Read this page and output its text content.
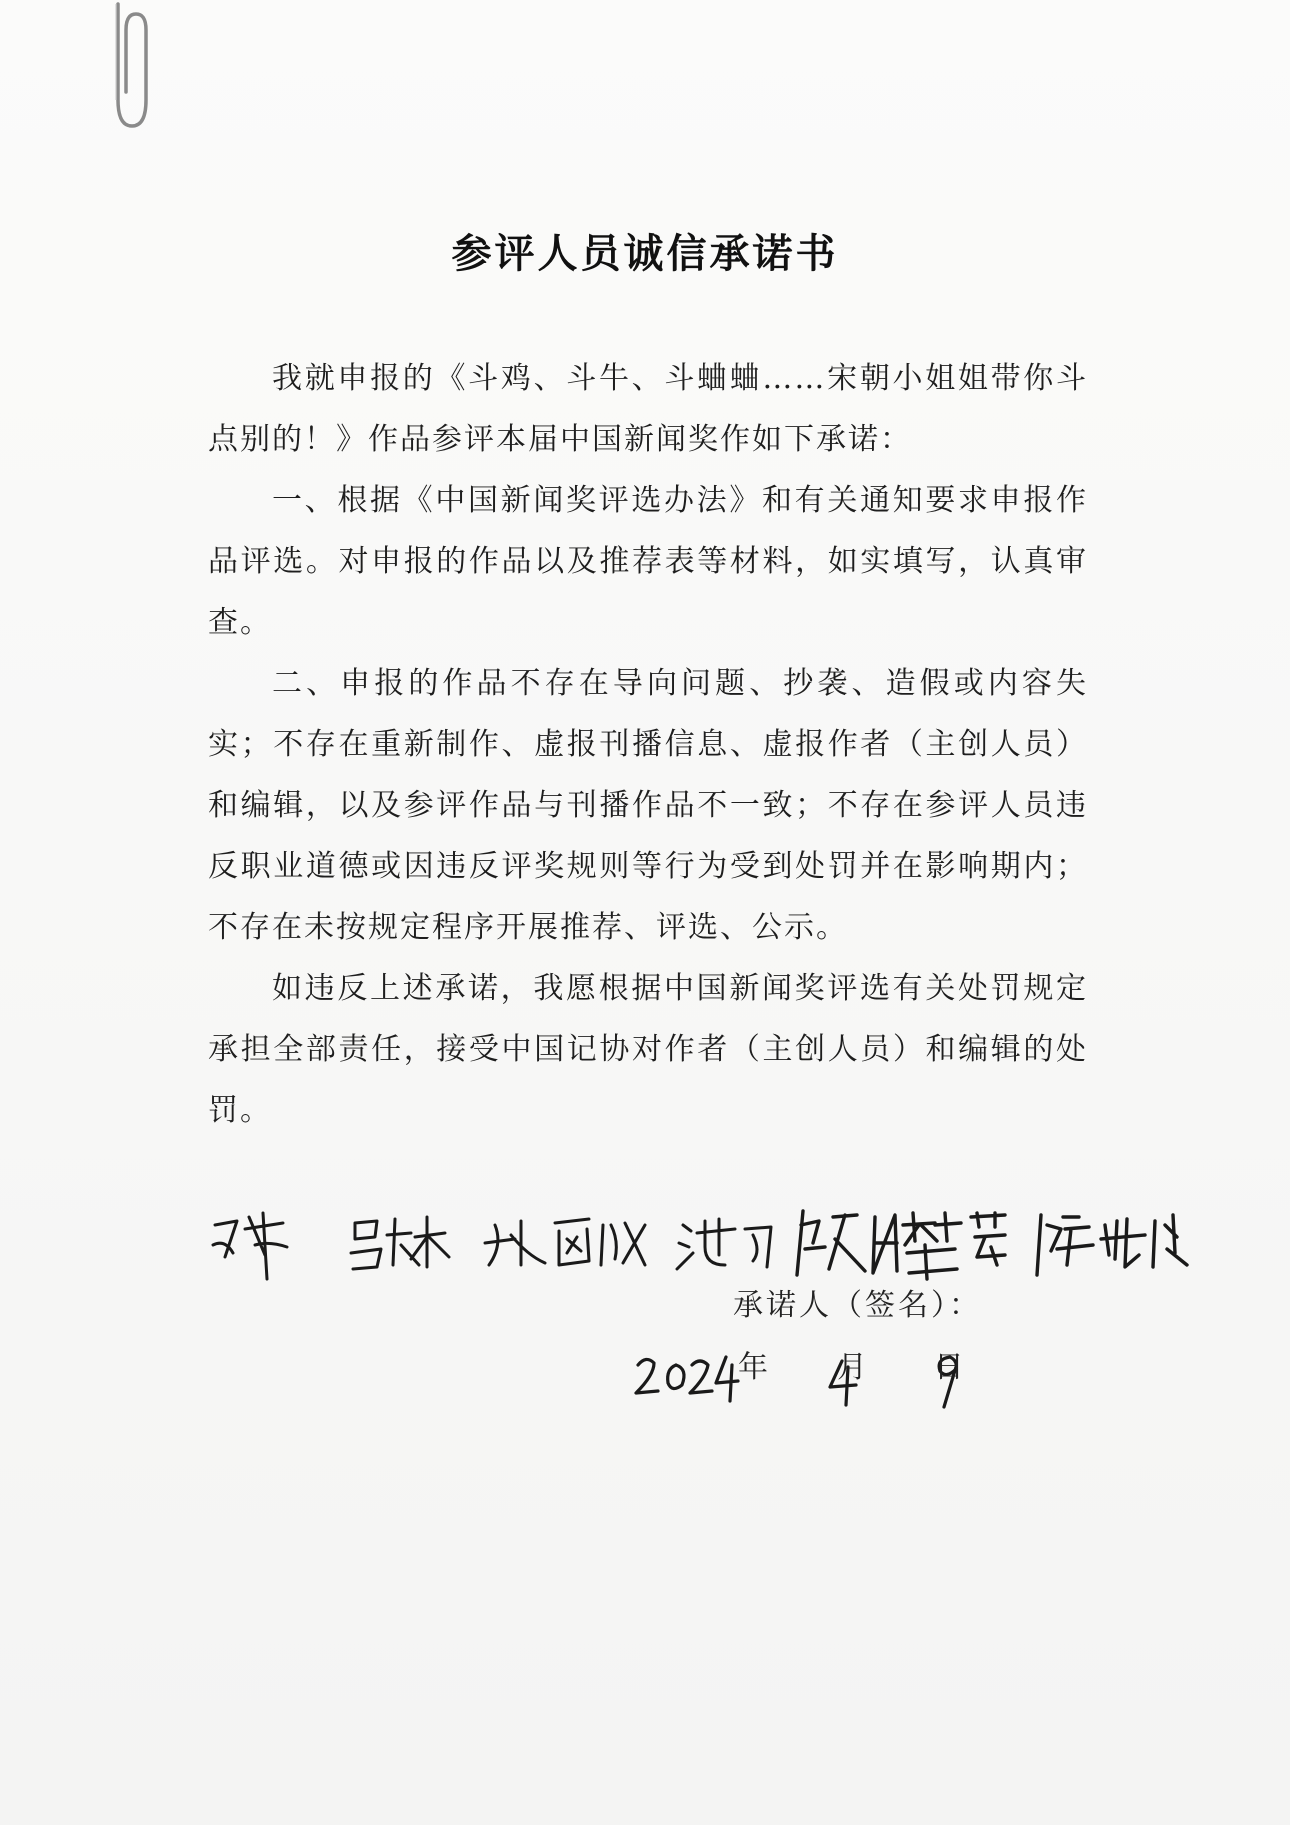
参评人员诚信承诺书

我就申报的《斗鸡、斗牛、斗蛐蛐……宋朝小姐姐带你斗点别的！》作品参评本届中国新闻奖作如下承诺：

一、根据《中国新闻奖评选办法》和有关通知要求申报作品评选。对申报的作品以及推荐表等材料，如实填写，认真审查。

二、申报的作品不存在导向问题、抄袭、造假或内容失实；不存在重新制作、虚报刊播信息、虚报作者（主创人员）和编辑，以及参评作品与刊播作品不一致；不存在参评人员违反职业道德或因违反评奖规则等行为受到处罚并在影响期内；不存在未按规定程序开展推荐、评选、公示。

如违反上述承诺，我愿根据中国新闻奖评选有关处罚规定承担全部责任，接受中国记协对作者（主创人员）和编辑的处罚。

承诺人（签名）：
年 月 日
